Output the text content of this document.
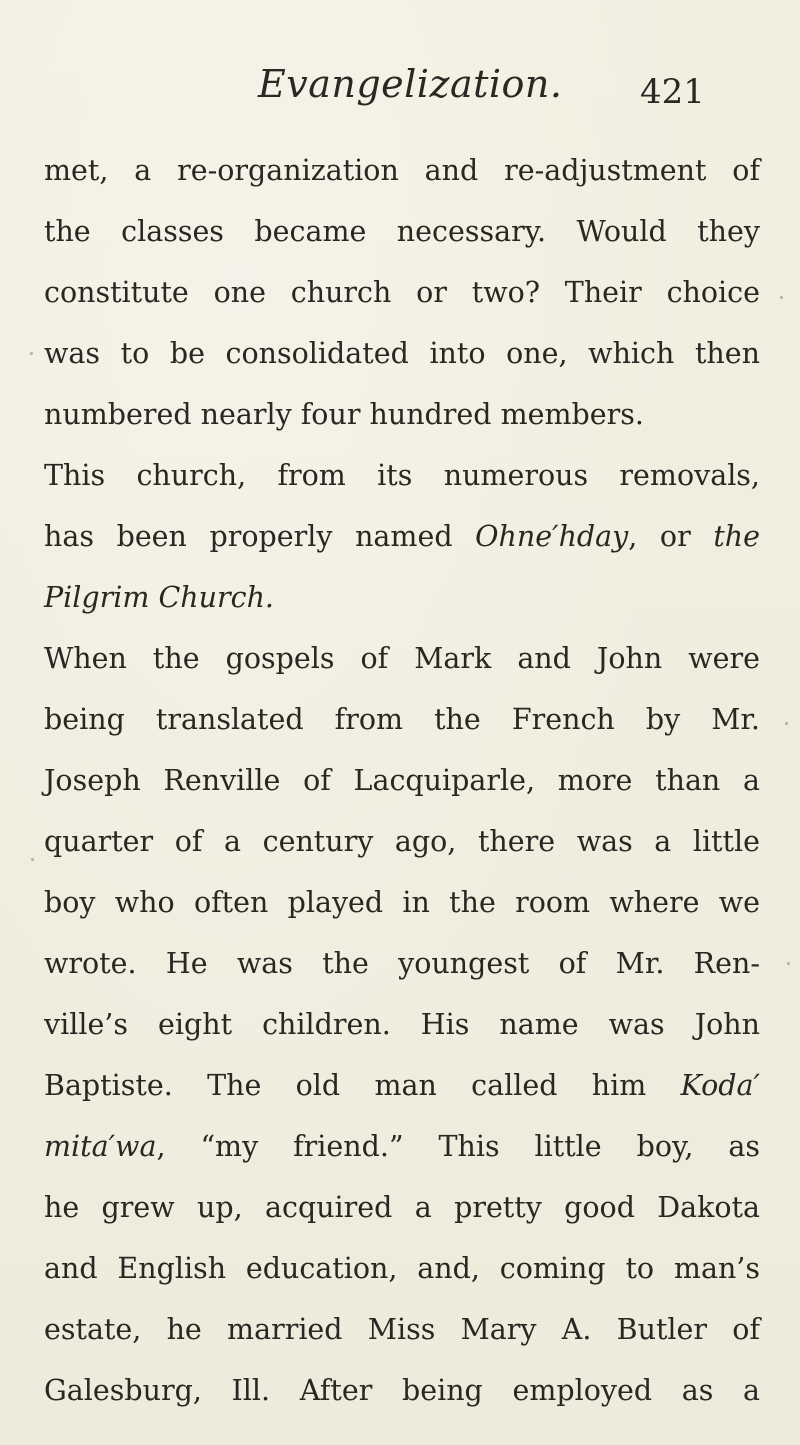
Evangelization. 421
met, a re-organization and re-adjustment of
the classes became necessary. Would they
constitute one church or two? Their choice
was to be consolidated into one, which then
numbered nearly four hundred members.
This church, from its numerous removals,
has been properly named Ohne′hday, or the
Pilgrim Church.
When the gospels of Mark and John were
being translated from the French by Mr.
Joseph Renville of Lacquiparle, more than a
quarter of a century ago, there was a little
boy who often played in the room where we
wrote. He was the youngest of Mr. Ren-
ville’s eight children. His name was John
Baptiste. The old man called him Koda′
mita′wa, “my friend.” This little boy, as
he grew up, acquired a pretty good Dakota
and English education, and, coming to man’s
estate, he married Miss Mary A. Butler of
Galesburg, Ill. After being employed as a
